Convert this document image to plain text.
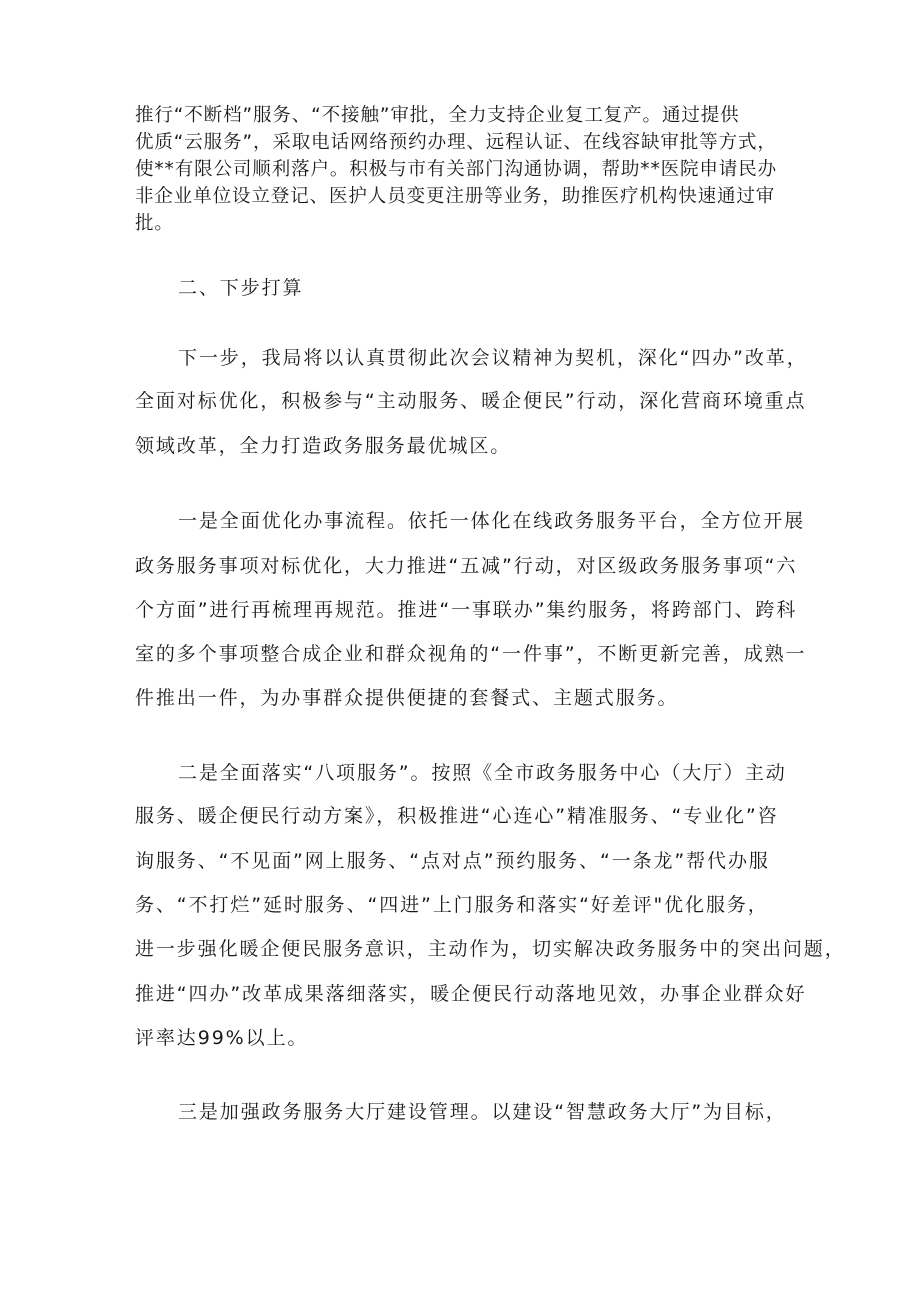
推行“不断档”服务、“不接触”审批，全力支持企业复工复产。通过提供
优质“云服务”，采取电话网络预约办理、远程认证、在线容缺审批等方式，
使**有限公司顺利落户。积极与市有关部门沟通协调，帮助**医院申请民办
非企业单位设立登记、医护人员变更注册等业务，助推医疗机构快速通过审
批。
二、下步打算
下一步，我局将以认真贯彻此次会议精神为契机，深化“四办”改革，
全面对标优化，积极参与“主动服务、暖企便民”行动，深化营商环境重点
领域改革，全力打造政务服务最优城区。
一是全面优化办事流程。依托一体化在线政务服务平台，全方位开展
政务服务事项对标优化，大力推进“五减”行动，对区级政务服务事项“六
个方面”进行再梳理再规范。推进“一事联办”集约服务，将跨部门、跨科
室的多个事项整合成企业和群众视角的“一件事”，不断更新完善，成熟一
件推出一件，为办事群众提供便捷的套餐式、主题式服务。
二是全面落实“八项服务”。按照《全市政务服务中心（大厅）主动
服务、暖企便民行动方案》，积极推进“心连心”精准服务、“专业化”咨
询服务、“不见面”网上服务、“点对点”预约服务、“一条龙”帮代办服
务、“不打烂”延时服务、“四进”上门服务和落实“好差评"优化服务，
进一步强化暖企便民服务意识，主动作为，切实解决政务服务中的突出问题，
推进“四办”改革成果落细落实，暖企便民行动落地见效，办事企业群众好
评率达99%以上。
三是加强政务服务大厅建设管理。以建设“智慧政务大厅”为目标，
